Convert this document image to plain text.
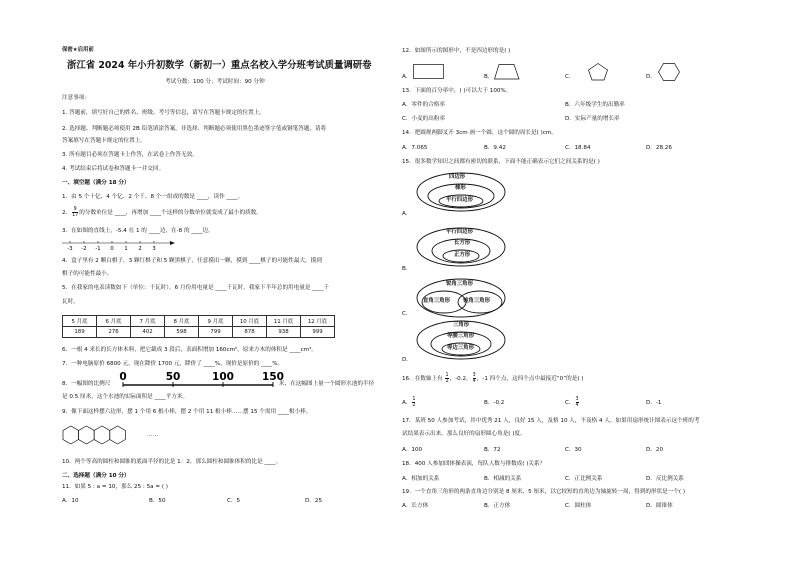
保密★启用前
浙江省 2024 年小升初数学（新初一）重点名校入学分班考试质量调研卷
考试分数：100 分；考试时间：90 分钟
注意事项：
1. 答题前，填写好自己的姓名、班级、考号等信息，请写在答题卡规定的位置上。
2. 选择题、判断题必须使用 2B 铅笔填涂答案，非选择、判断题必须使用黑色墨迹签字笔或钢笔答题，请将
答案填写在答题卡规定的位置上。
3. 所有题目必须在答题卡上作答，在试卷上作答无效。
4. 考试结束后将试卷和答题卡一并交回。
一、填空题（满分 18 分）
1．由 5 个十亿、4 个亿、2 个千、8 个一组成的数是 ____，读作 ____。
2． $\frac{9}{17}$ 的分数单位是 ____，再增加 ____个这样的分数单位就变成了最小的质数。
3．在如图的直线上，-5.4 在 1 的 ____边，在-8 的 ____边。
-3 -2 -1 0 1 2 3
4．盒子里有 2 颗白棋子，3 颗红棋子和 5 颗黑棋子，任意摸出一颗，摸到 ____棋子的可能性最大，摸到
棋子的可能性最小。
5．在我家的电表读数如下（单位：千瓦时）。6 月份用电量是 ____千瓦时，我家下半年总的用电量是 ____千
瓦时。
5 月底	6 月底	7 月底	8 月底	9 月底	10 月底	11 月底	12 月底
189	276	402	598	799	878	938	999
6．一根 4 米长的长方体木料，把它截成 3 段后，表面积增加 160cm²，原来方木的体积是 ____cm³。
7．一种电脑原价 6800 元，现在降价 1700 元，降价了 ____%，现价是原价的 ____%。
8．一幅图的比例尺
0	50	100	150
米，在这幅图上量一个圆形水池的半径
是 0.5 厘米，这个水池的实际面积是 ____平方米。
9．像下面这样摆六边形，摆 1 个用 6 根小棒，摆 2 个用 11 根小棒……摆 15 个需用 ____根小棒。
……
10．两个等高的圆柱和圆锥的底面半径的比是 1：2，那么圆柱和圆锥体积的比是 ____。
二、选择题（满分 10 分）
11．如果 5 : a = 10，那么 25 : 5a = ( )
A．10	B．50	C．5	D．25
12．如图所示的图形中，不是四边形的是( )
A．	B．	C．	D．
13．下面的百分率中，( )可以大于 100%。
A．零件的合格率	B．六年级学生的出勤率
C．小麦的出粉率	D．实际产量的增长率
14．把圆规两脚叉开 3cm 画一个圆，这个圆的周长是( )cm。
A．7.065	B．9.42	C．18.84	D．28.26
15．很多数学知识之间都有密切的联系，下面不能正确表示它们之间关系的是( )
A．
四边形
梯形
平行四边形
B．
平行四边形
长方形
正方形
C．
锐角三角形
直角三角形 钝角三角形
D．
三角形
等腰三角形
等边三角形
16．在数轴上有 $\frac{1}{2}$ ，-0.2， $\frac{3}{4}$ ，-1 四个点，这四个点中最接近“0”的是( )
A． $\frac{1}{2}$	B．-0.2	C． $\frac{3}{4}$	D．-1
17．某班 50 人参加考试，其中优秀 21 人，良好 15 人，及格 10 人，不及格 4 人，如果用扇形统计图表示这个班的考
试结果表示出来，那么良好的扇形圆心角是( )度。
A．100	B．72	C．30	D．20
18．400 人参加团体操表演，每队人数与排数成( )关系？
A．相加的关系	B．相减的关系	C．正比例关系	D．反比例关系
19．一个直角三角形的两条直角边分别是 8 厘米、5 厘米，以它较短的直角边为轴旋转一周，得到的形状是一个( )
A．长方体	B．正方体	C．圆柱体	D．圆锥体
